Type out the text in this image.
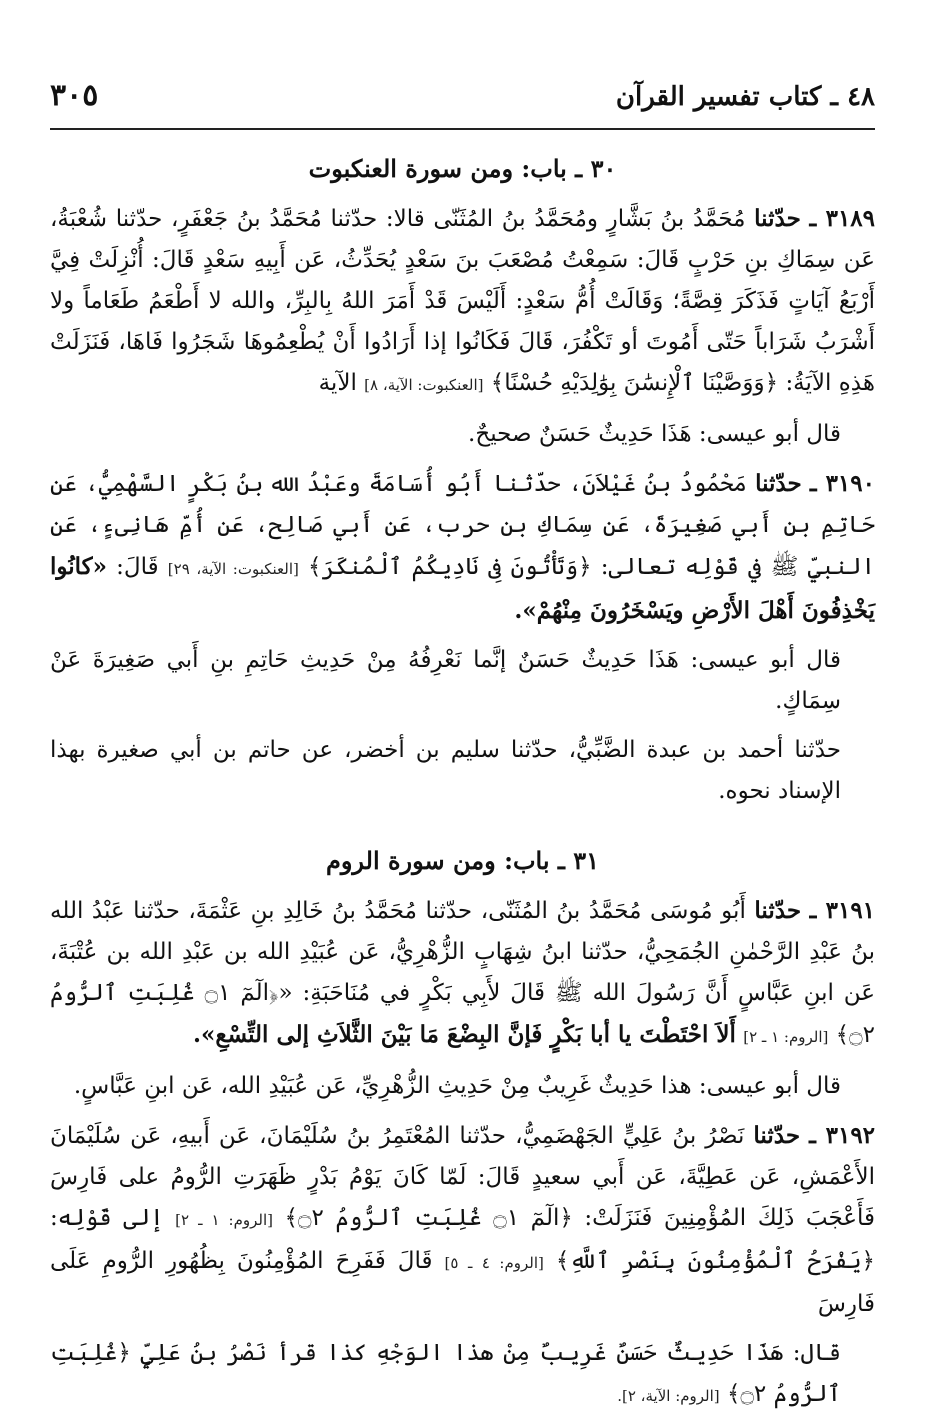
٤٨ ـ كتاب تفسير القرآن
٣٠٥
٣٠ ـ باب: ومن سورة العنكبوت

٣١٨٩ ـ حدّثنا مُحَمَّدُ بنُ بَشَّارٍ ومُحَمَّدُ بنُ المُثَنّى قالا: حدّثنا مُحَمَّدُ بنُ جَعْفَرٍ، حدّثنا شُعْبَةُ، عَن سِمَاكِ بنِ حَرْبٍ قَالَ: سَمِعْتُ مُصْعَبَ بنَ سَعْدٍ يُحَدِّثُ، عَن أَبِيهِ سَعْدٍ قَالَ: أُنْزِلَتْ فِيَّ أَرْبَعُ آيَاتٍ فَذَكَرَ قِصَّةً؛ وَقَالَتْ أُمُّ سَعْدٍ: أَلَيْسَ قَدْ أَمَرَ اللهُ بِالبِرِّ، والله لا أَطْعَمُ طَعَاماً ولا أَشْرَبُ شَرَاباً حَتّى أَمُوتَ أو تَكْفُرَ، قَالَ فَكَانُوا إذا أَرَادُوا أَنْ يُطْعِمُوهَا شَجَرُوا فَاهَا، فَنَزَلَتْ هَذِهِ الآيَةُ: ﴿وَوَصَّيْنَا ٱلْإِنسَٰنَ بِوَٰلِدَيْهِ حُسْنًا﴾ [العنكبوت: الآية، ٨] الآية

قال أبو عيسى: هَذَا حَدِيثٌ حَسَنٌ صحيحٌ.

٣١٩٠ ـ حدّثنا مَحْمُودُ بنُ غَيْلاَنَ، حدّثنا أَبُو أُسَامَةَ وعَبْدُ الله بنُ بَكْرٍ السَّهْمِيُّ، عَن حَاتِمِ بنِ أَبي صَغِيرَةَ، عَن سِمَاكِ بن حرب، عَن أَبي صَالِح، عَن أُمِّ هَانِىءٍ، عَن النبيِّ ﷺ في قَوْلِه تعالى: ﴿وَتَأْتُونَ فِى نَادِيكُمُ ٱلْمُنكَرَ﴾ [العنكبوت: الآية، ٢٩] قَالَ: «كانُوا يَخْذِفُونَ أَهْلَ الأَرْضِ ويَسْخَرُونَ مِنْهُمْ».

قال أبو عيسى: هَذَا حَدِيثٌ حَسَنٌ إنَّما نَعْرِفُهُ مِنْ حَدِيثِ حَاتِمِ بنِ أَبي صَغِيرَةَ عَنْ سِمَاكٍ.

حدّثنا أحمد بن عبدة الضَّبِّيُّ، حدّثنا سليم بن أخضر، عن حاتم بن أبي صغيرة بهذا الإسناد نحوه.

٣١ ـ باب: ومن سورة الروم

٣١٩١ ـ حدّثنا أَبُو مُوسَى مُحَمَّدُ بنُ المُثَنّى، حدّثنا مُحَمَّدُ بنُ خَالِدِ بنِ عَثْمَةَ، حدّثنا عَبْدُ الله بنُ عَبْدِ الرَّحْمٰنِ الجُمَحِيُّ، حدّثنا ابنُ شِهَابٍ الزُّهْرِيُّ، عَن عُبَيْدِ الله بن عَبْدِ الله بن عُتْبَةَ، عَن ابنِ عَبَّاسٍ أَنَّ رَسُولَ الله ﷺ قَالَ لأَبِي بَكْرٍ في مُنَاحَبَةِ: «﴿الٓمٓ ۝١ غُلِبَتِ ٱلرُّومُ ۝٢﴾ [الروم: ١ ـ ٢] أَلاَ احْتَطْتَ يا أبا بَكْرٍ فَإنَّ البِضْعَ مَا بَيْنَ الثَّلاَثِ إلى التِّسْعِ».

قال أبو عيسى: هذا حَدِيثٌ غَرِيبٌ مِنْ حَدِيثِ الزُّهْرِيِّ، عَن عُبَيْدِ الله، عَن ابنِ عَبَّاسٍ.

٣١٩٢ ـ حدّثنا نَصْرُ بنُ عَلِيٍّ الجَهْضَمِيُّ، حدّثنا المُعْتَمِرُ بنُ سُلَيْمَانَ، عَن أَبيهِ، عَن سُلَيْمَانَ الأَعْمَشِ، عَن عَطِيَّةَ، عَن أَبي سعيدٍ قَالَ: لَمّا كَانَ يَوْمُ بَدْرٍ ظَهَرَتِ الرُّومُ على فَارِسَ فَأَعْجَبَ ذَلِكَ المُؤْمِنِينَ فَنَزَلَتْ: ﴿الٓمٓ ۝١ غُلِبَتِ ٱلرُّومُ ۝٢﴾ [الروم: ١ ـ ٢] إلى قَوْلِه: ﴿يَفْرَحُ ٱلْمُؤْمِنُونَ بِنَصْرِ ٱللَّهِ﴾ [الروم: ٤ ـ ٥] قَالَ فَفَرِحَ المُؤْمِنُونَ بِظُهُورِ الرُّومِ عَلَى فَارِسَ

قال: هَذَا حَدِيثٌ حَسَنٌ غَرِيبٌ مِنْ هذا الوَجْهِ كذا قرأ نَصْرُ بنُ عَلِيٍّ ﴿غُلِبَتِ ٱلرُّومُ ۝٢﴾ [الروم: الآية، ٢].
